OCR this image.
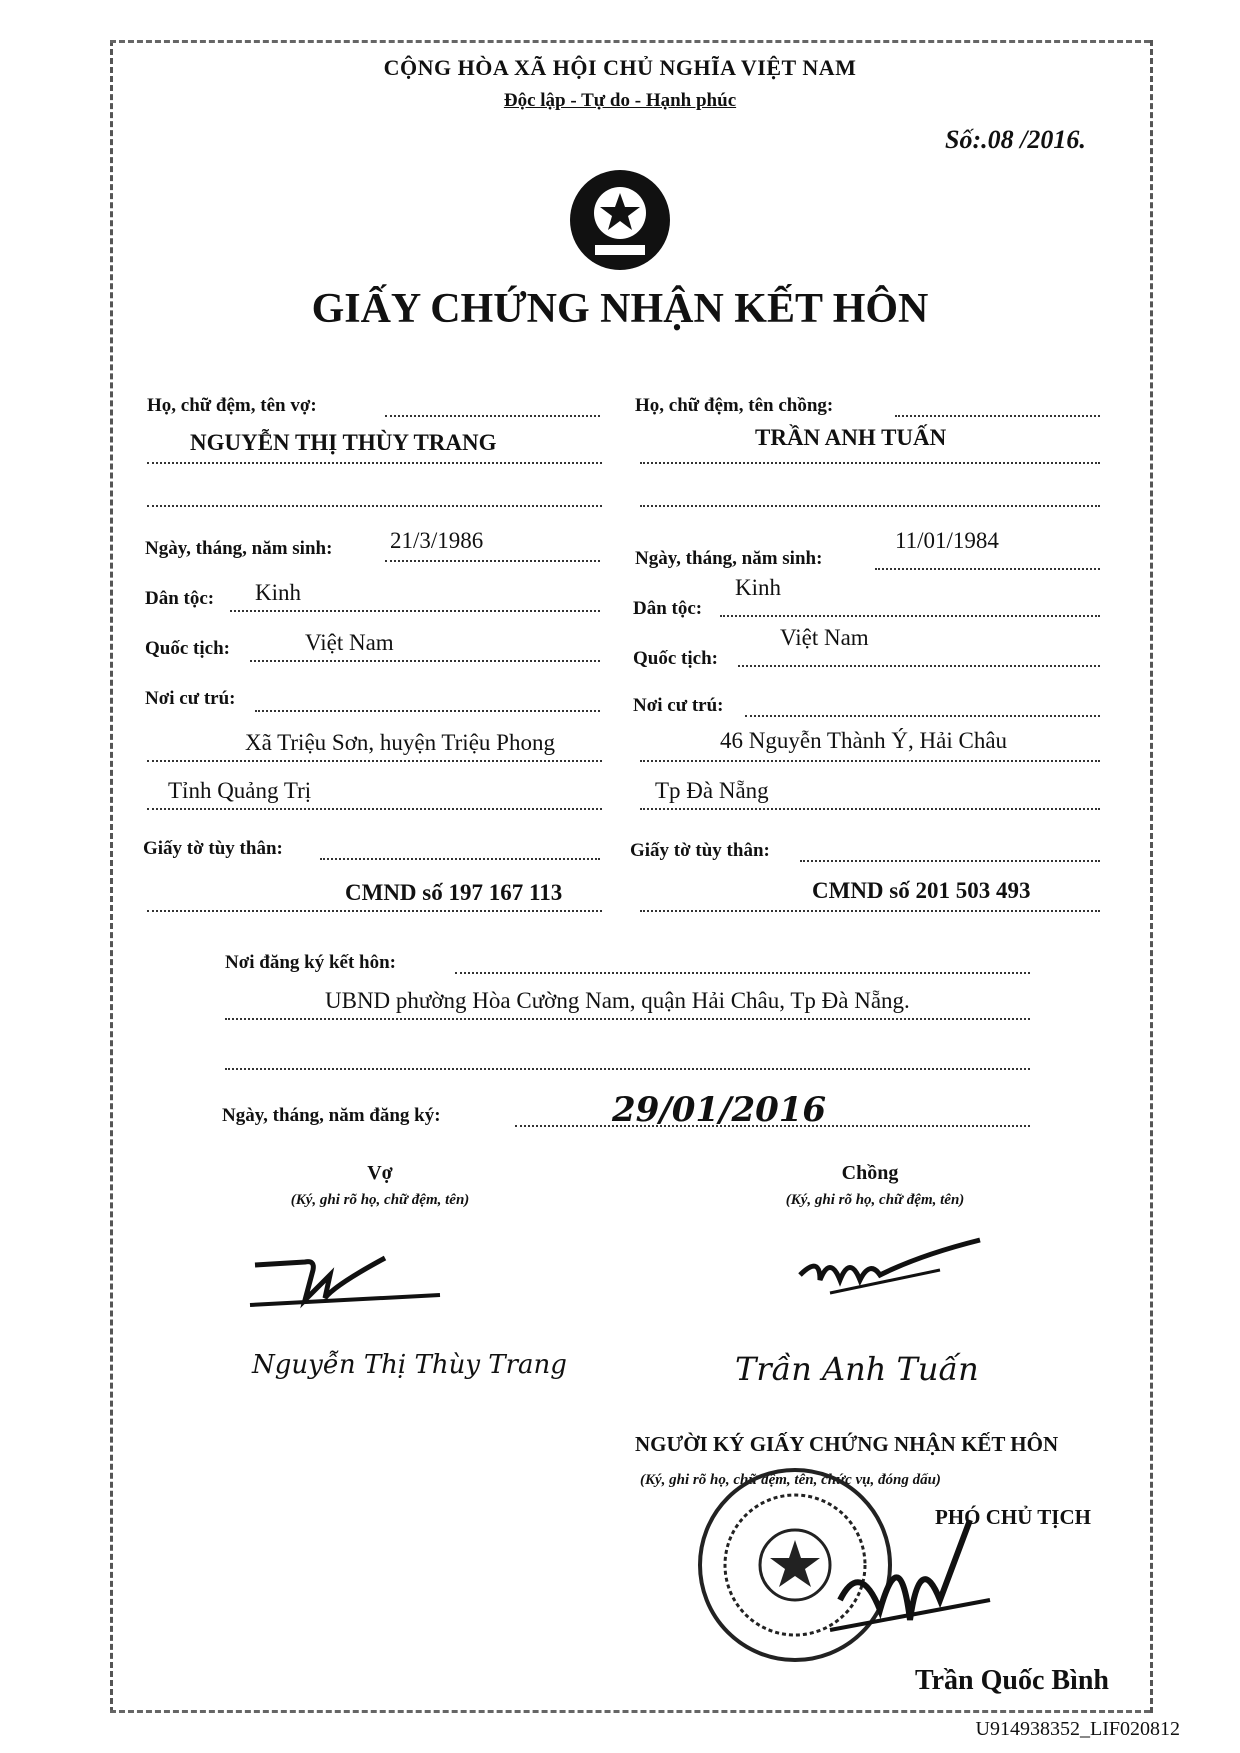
CỘNG HÒA XÃ HỘI CHỦ NGHĨA VIỆT NAM
Độc lập - Tự do - Hạnh phúc
Số:.08 /2016.
GIẤY CHỨNG NHẬN KẾT HÔN
Họ, chữ đệm, tên vợ:
NGUYỄN THỊ THÙY TRANG
Ngày, tháng, năm sinh:	21/3/1986
Dân tộc: Kinh
Quốc tịch:	Việt Nam
Nơi cư trú:
Xã Triệu Sơn, huyện Triệu Phong
Tỉnh Quảng Trị
Giấy tờ tùy thân:
CMND số 197 167 113
Họ, chữ đệm, tên chồng:
TRẦN ANH TUẤN
Ngày, tháng, năm sinh:
11/01/1984
Dân tộc:
Kinh
Quốc tịch:
Việt Nam
Nơi cư trú:
46 Nguyễn Thành Ý, Hải Châu
Tp Đà Nẵng
Giấy tờ tùy thân:
CMND số 201 503 493
Nơi đăng ký kết hôn:
UBND phường Hòa Cường Nam, quận Hải Châu, Tp Đà Nẵng.
Ngày, tháng, năm đăng ký:	29/01/2016
Vợ
(Ký, ghi rõ họ, chữ đệm, tên)
Nguyễn Thị Thùy Trang
Chồng
(Ký, ghi rõ họ, chữ đệm, tên)
Trần Anh Tuấn
NGƯỜI KÝ GIẤY CHỨNG NHẬN KẾT HÔN
(Ký, ghi rõ họ, chữ đệm, tên, chức vụ, đóng dấu)
PHÓ CHỦ TỊCH
Trần Quốc Bình
U914938352_LIF020812
